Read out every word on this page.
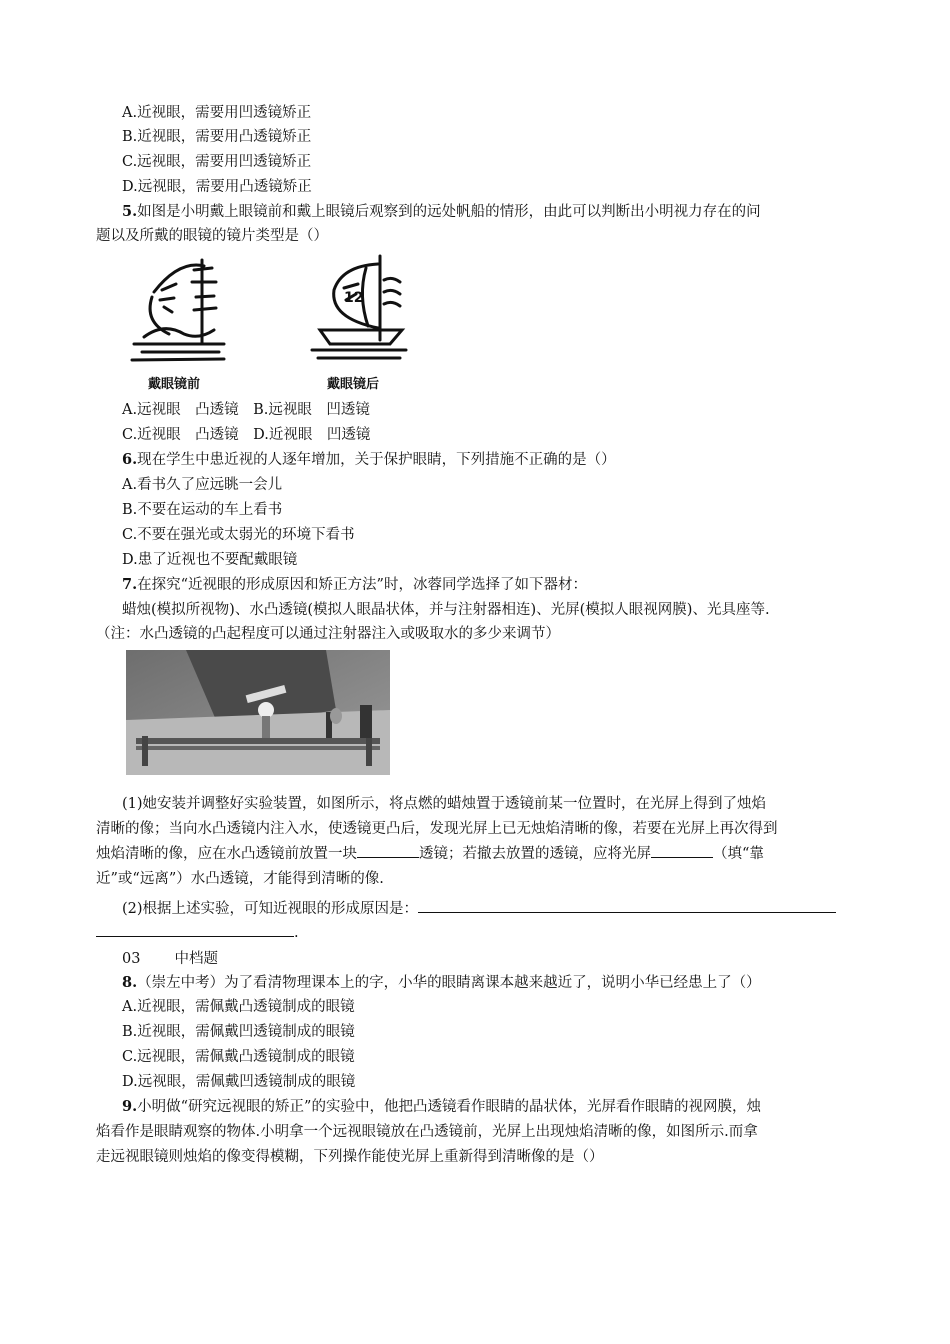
A.近视眼，需要用凹透镜矫正
B.近视眼，需要用凸透镜矫正
C.远视眼，需要用凹透镜矫正
D.远视眼，需要用凸透镜矫正
5.如图是小明戴上眼镜前和戴上眼镜后观察到的远处帆船的情形，由此可以判断出小明视力存在的问
题以及所戴的眼镜的镜片类型是（）
戴眼镜前
12
戴眼镜后
A.远视眼　凸透镜　B.远视眼　凹透镜
C.近视眼　凸透镜　D.近视眼　凹透镜
6.现在学生中患近视的人逐年增加，关于保护眼睛，下列措施不正确的是（）
A.看书久了应远眺一会儿
B.不要在运动的车上看书
C.不要在强光或太弱光的环境下看书
D.患了近视也不要配戴眼镜
7.在探究“近视眼的形成原因和矫正方法”时，冰蓉同学选择了如下器材：
蜡烛(模拟所视物)、水凸透镜(模拟人眼晶状体，并与注射器相连)、光屏(模拟人眼视网膜)、光具座等.
（注：水凸透镜的凸起程度可以通过注射器注入或吸取水的多少来调节）
(1)她安装并调整好实验装置，如图所示，将点燃的蜡烛置于透镜前某一位置时，在光屏上得到了烛焰
清晰的像；当向水凸透镜内注入水，使透镜更凸后，发现光屏上已无烛焰清晰的像，若要在光屏上再次得到
烛焰清晰的像，应在水凸透镜前放置一块	透镜；若撤去放置的透镜，应将光屏	（填“靠
近”或“远离”）水凸透镜，才能得到清晰的像.
(2)根据上述实验，可知近视眼的形成原因是：
.
03 中档题
8.（崇左中考）为了看清物理课本上的字，小华的眼睛离课本越来越近了，说明小华已经患上了（）
A.近视眼，需佩戴凸透镜制成的眼镜
B.近视眼，需佩戴凹透镜制成的眼镜
C.远视眼，需佩戴凸透镜制成的眼镜
D.远视眼，需佩戴凹透镜制成的眼镜
9.小明做“研究远视眼的矫正”的实验中，他把凸透镜看作眼睛的晶状体，光屏看作眼睛的视网膜，烛
焰看作是眼睛观察的物体.小明拿一个远视眼镜放在凸透镜前，光屏上出现烛焰清晰的像，如图所示.而拿
走远视眼镜则烛焰的像变得模糊，下列操作能使光屏上重新得到清晰像的是（）
